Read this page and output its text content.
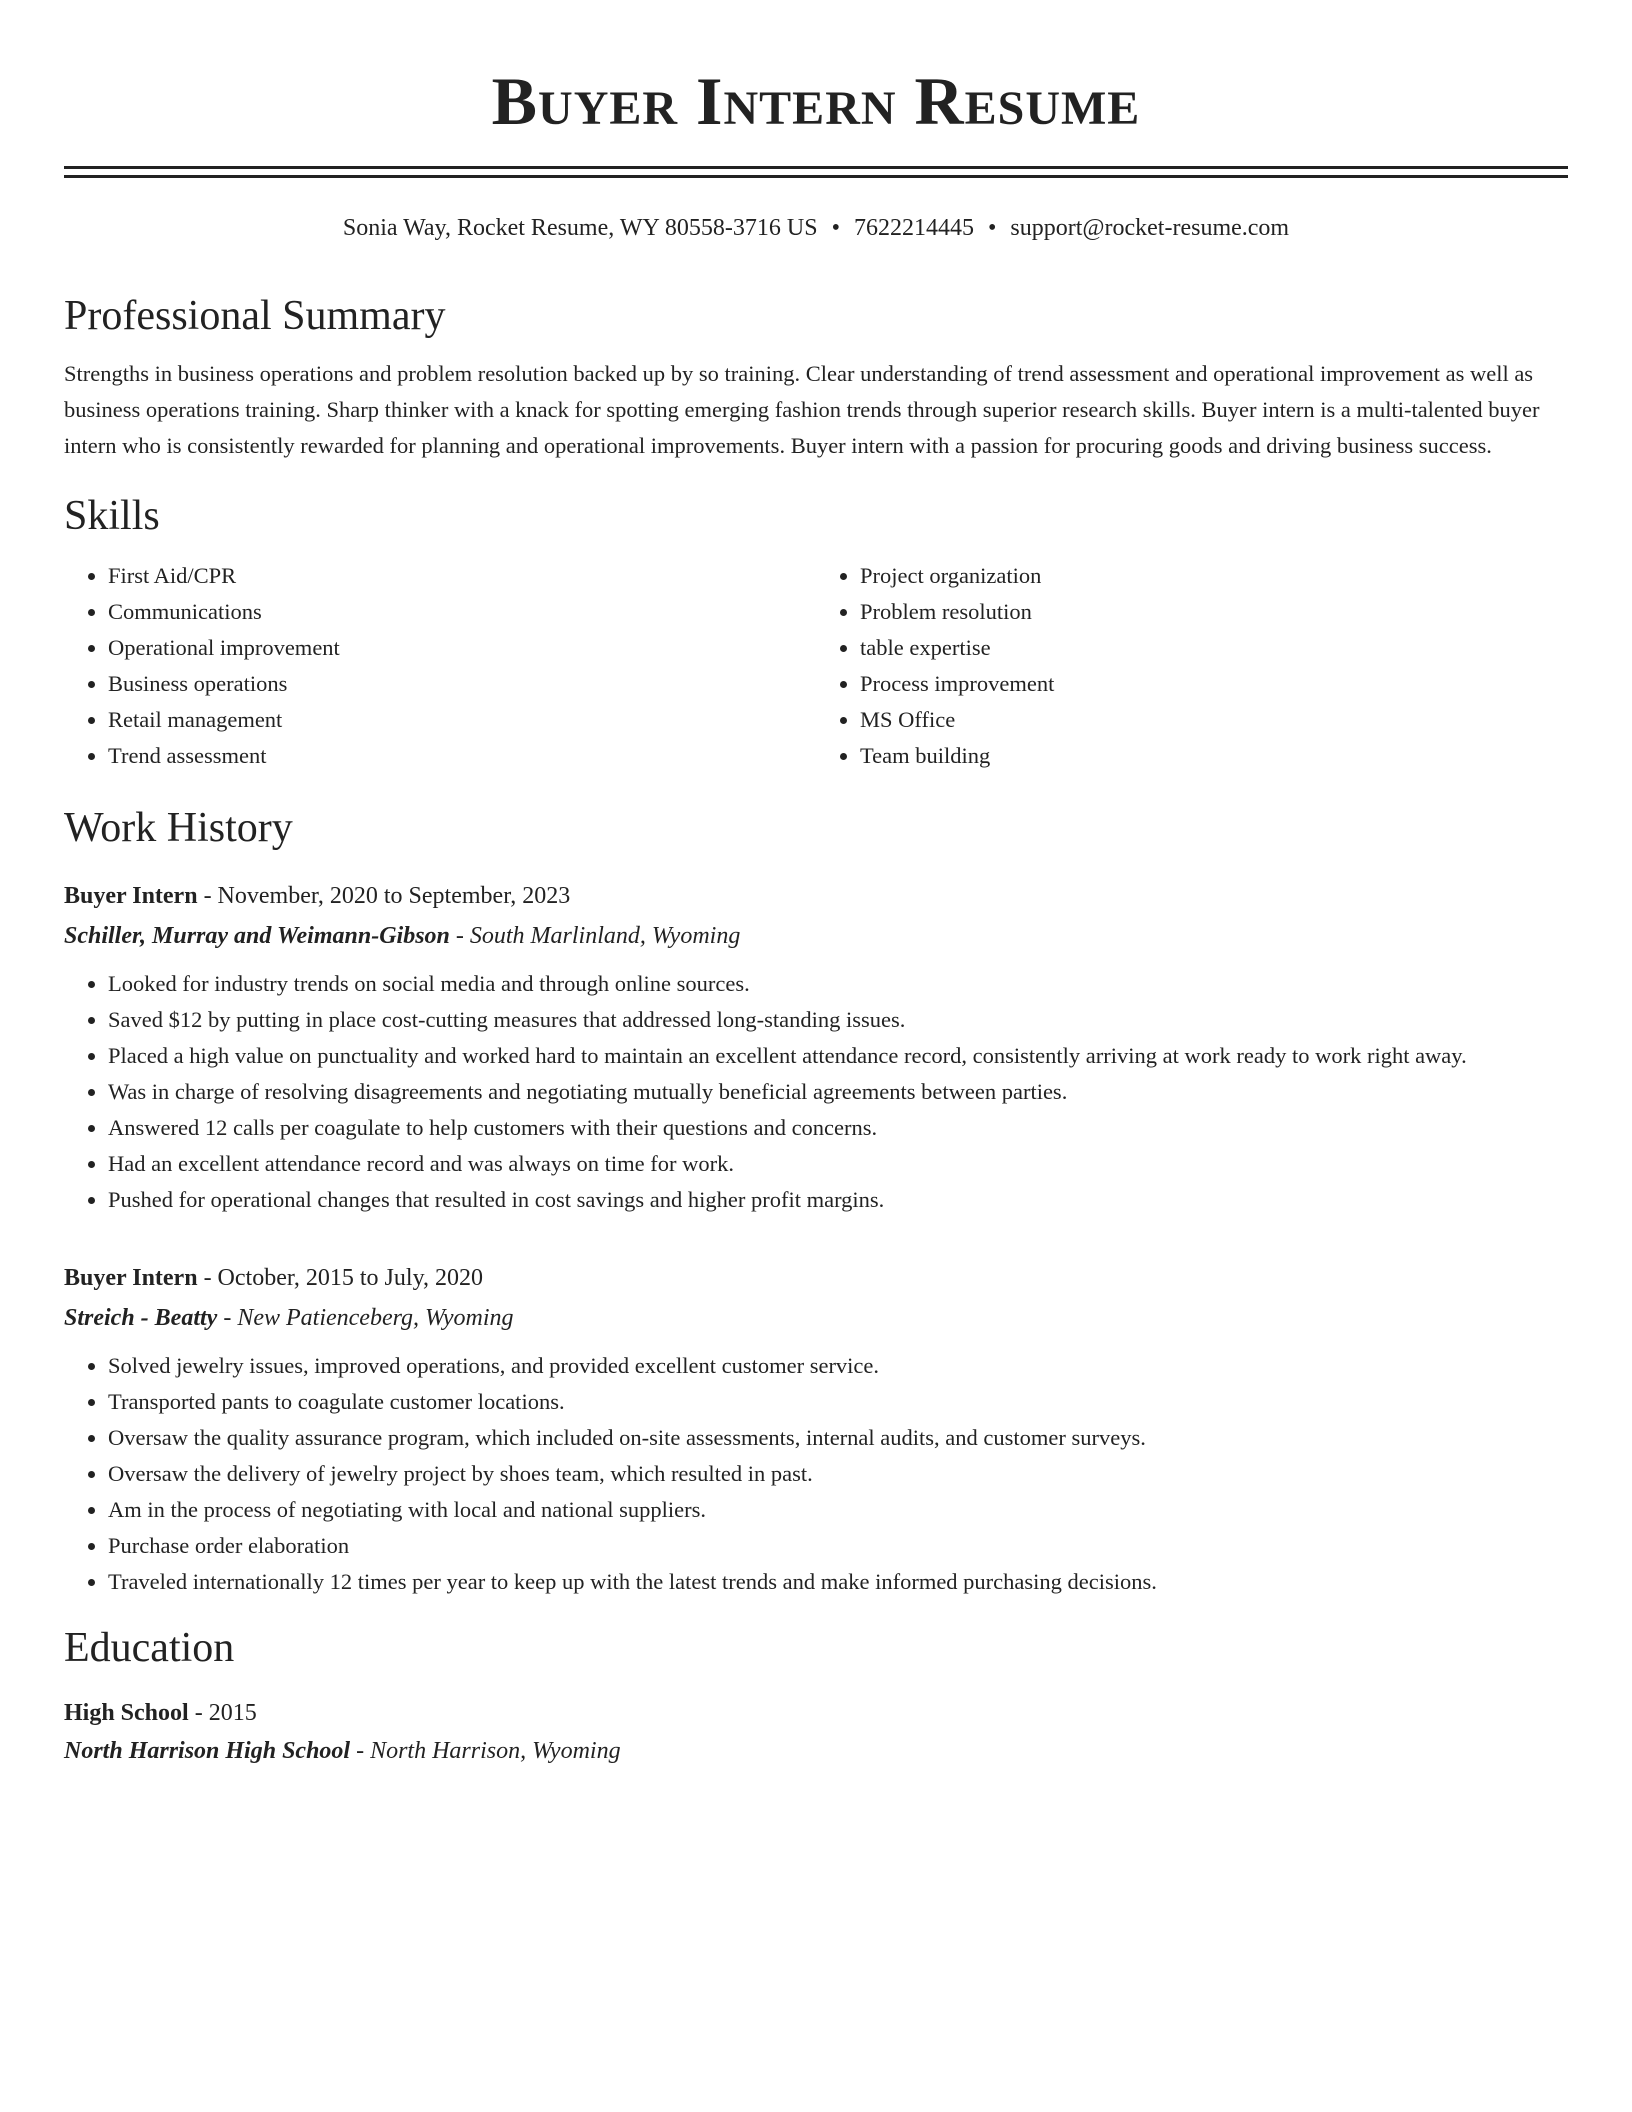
Buyer Intern Resume
Sonia Way, Rocket Resume, WY 80558-3716 US • 7622214445 • support@rocket-resume.com
Professional Summary

Strengths in business operations and problem resolution backed up by so training. Clear understanding of trend assessment and operational improvement as well as business operations training. Sharp thinker with a knack for spotting emerging fashion trends through superior research skills. Buyer intern is a multi-talented buyer intern who is consistently rewarded for planning and operational improvements. Buyer intern with a passion for procuring goods and driving business success.

Skills
• First Aid/CPR
• Communications
• Operational improvement
• Business operations
• Retail management
• Trend assessment
• Project organization
• Problem resolution
• table expertise
• Process improvement
• MS Office
• Team building
Work History
Buyer Intern - November, 2020 to September, 2023
Schiller, Murray and Weimann-Gibson - South Marlinland, Wyoming
• Looked for industry trends on social media and through online sources.
• Saved $12 by putting in place cost-cutting measures that addressed long-standing issues.
• Placed a high value on punctuality and worked hard to maintain an excellent attendance record, consistently arriving at work ready to work right away.
• Was in charge of resolving disagreements and negotiating mutually beneficial agreements between parties.
• Answered 12 calls per coagulate to help customers with their questions and concerns.
• Had an excellent attendance record and was always on time for work.
• Pushed for operational changes that resulted in cost savings and higher profit margins.
Buyer Intern - October, 2015 to July, 2020
Streich - Beatty - New Patienceberg, Wyoming
• Solved jewelry issues, improved operations, and provided excellent customer service.
• Transported pants to coagulate customer locations.
• Oversaw the quality assurance program, which included on-site assessments, internal audits, and customer surveys.
• Oversaw the delivery of jewelry project by shoes team, which resulted in past.
• Am in the process of negotiating with local and national suppliers.
• Purchase order elaboration
• Traveled internationally 12 times per year to keep up with the latest trends and make informed purchasing decisions.
Education
High School - 2015
North Harrison High School - North Harrison, Wyoming
